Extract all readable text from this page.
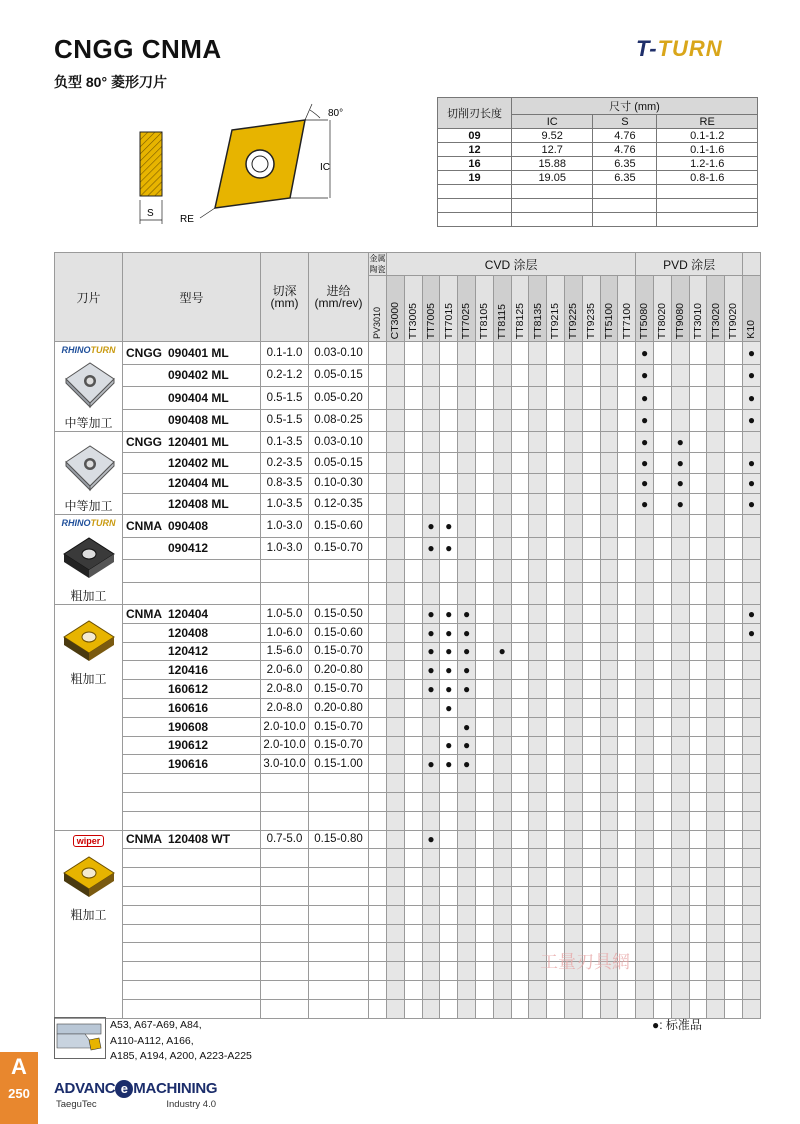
CNGG CNMA
负型 80° 菱形刀片
T-TURN
S
IC
80°
RE
切削刃长度	尺寸 (mm)		
	IC	S	RE
09	9.52	4.76	0.1-1.2
12	12.7	4.76	0.1-1.6
16	15.88	6.35	1.2-1.6
19	19.05	6.35	0.8-1.6

刀片	型号	切深
(mm)	进给
(mm/rev)	金属陶瓷	CVD 涂层														PVD 涂层						

				PV3010	CT3000	TT3005	TT7005	TT7015	TT7025	TT8105	TT8115	TT8125	TT8135	TT9215	TT9225	TT9235	TT5100	TT7100	TT5080	TT8020	TT9080	TT3010	TT3020	TT9020	K10

RHINOTURN
中等加工	CNGG 090401 ML	0.1-1.0	0.03-0.10																●						●
	090402 ML	0.2-1.2	0.05-0.15																●						●
	090404 ML	0.5-1.5	0.05-0.20																●						●
	090408 ML	0.5-1.5	0.08-0.25																●						●

中等加工	CNGG 120401 ML	0.1-3.5	0.03-0.10																●		●				
	120402 ML	0.2-3.5	0.05-0.15																●		●				●
	120404 ML	0.8-3.5	0.10-0.30																●		●				●
	120408 ML	1.0-3.5	0.12-0.35																●		●				●

RHINOTURN
粗加工	CNMA 090408	1.0-3.0	0.15-0.60				●	●																	
	090412	1.0-3.0	0.15-0.70				●	●																	

粗加工	CNMA 120404	1.0-5.0	0.15-0.50				●	●	●																●
	120408	1.0-6.0	0.15-0.60				●	●	●																●
	120412	1.5-6.0	0.15-0.70				●	●	●		●														
	120416	2.0-6.0	0.20-0.80				●	●	●																
	160612	2.0-8.0	0.15-0.70				●	●	●																
	160616	2.0-8.0	0.20-0.80					●																	
	190608	2.0-10.0	0.15-0.70						●																
	190612	2.0-10.0	0.15-0.70					●	●																
	190616	3.0-10.0	0.15-1.00				●	●	●																

wiper
粗加工	CNMA 120408 WT	0.7-5.0	0.15-0.80				●																		

A53, A67-A69, A84,
A110-A112, A166,
A185, A194, A200, A223-A225
●: 标准品
工量刃具網
A
250	ADVANC e MACHINING
TaeguTec	Industry 4.0
